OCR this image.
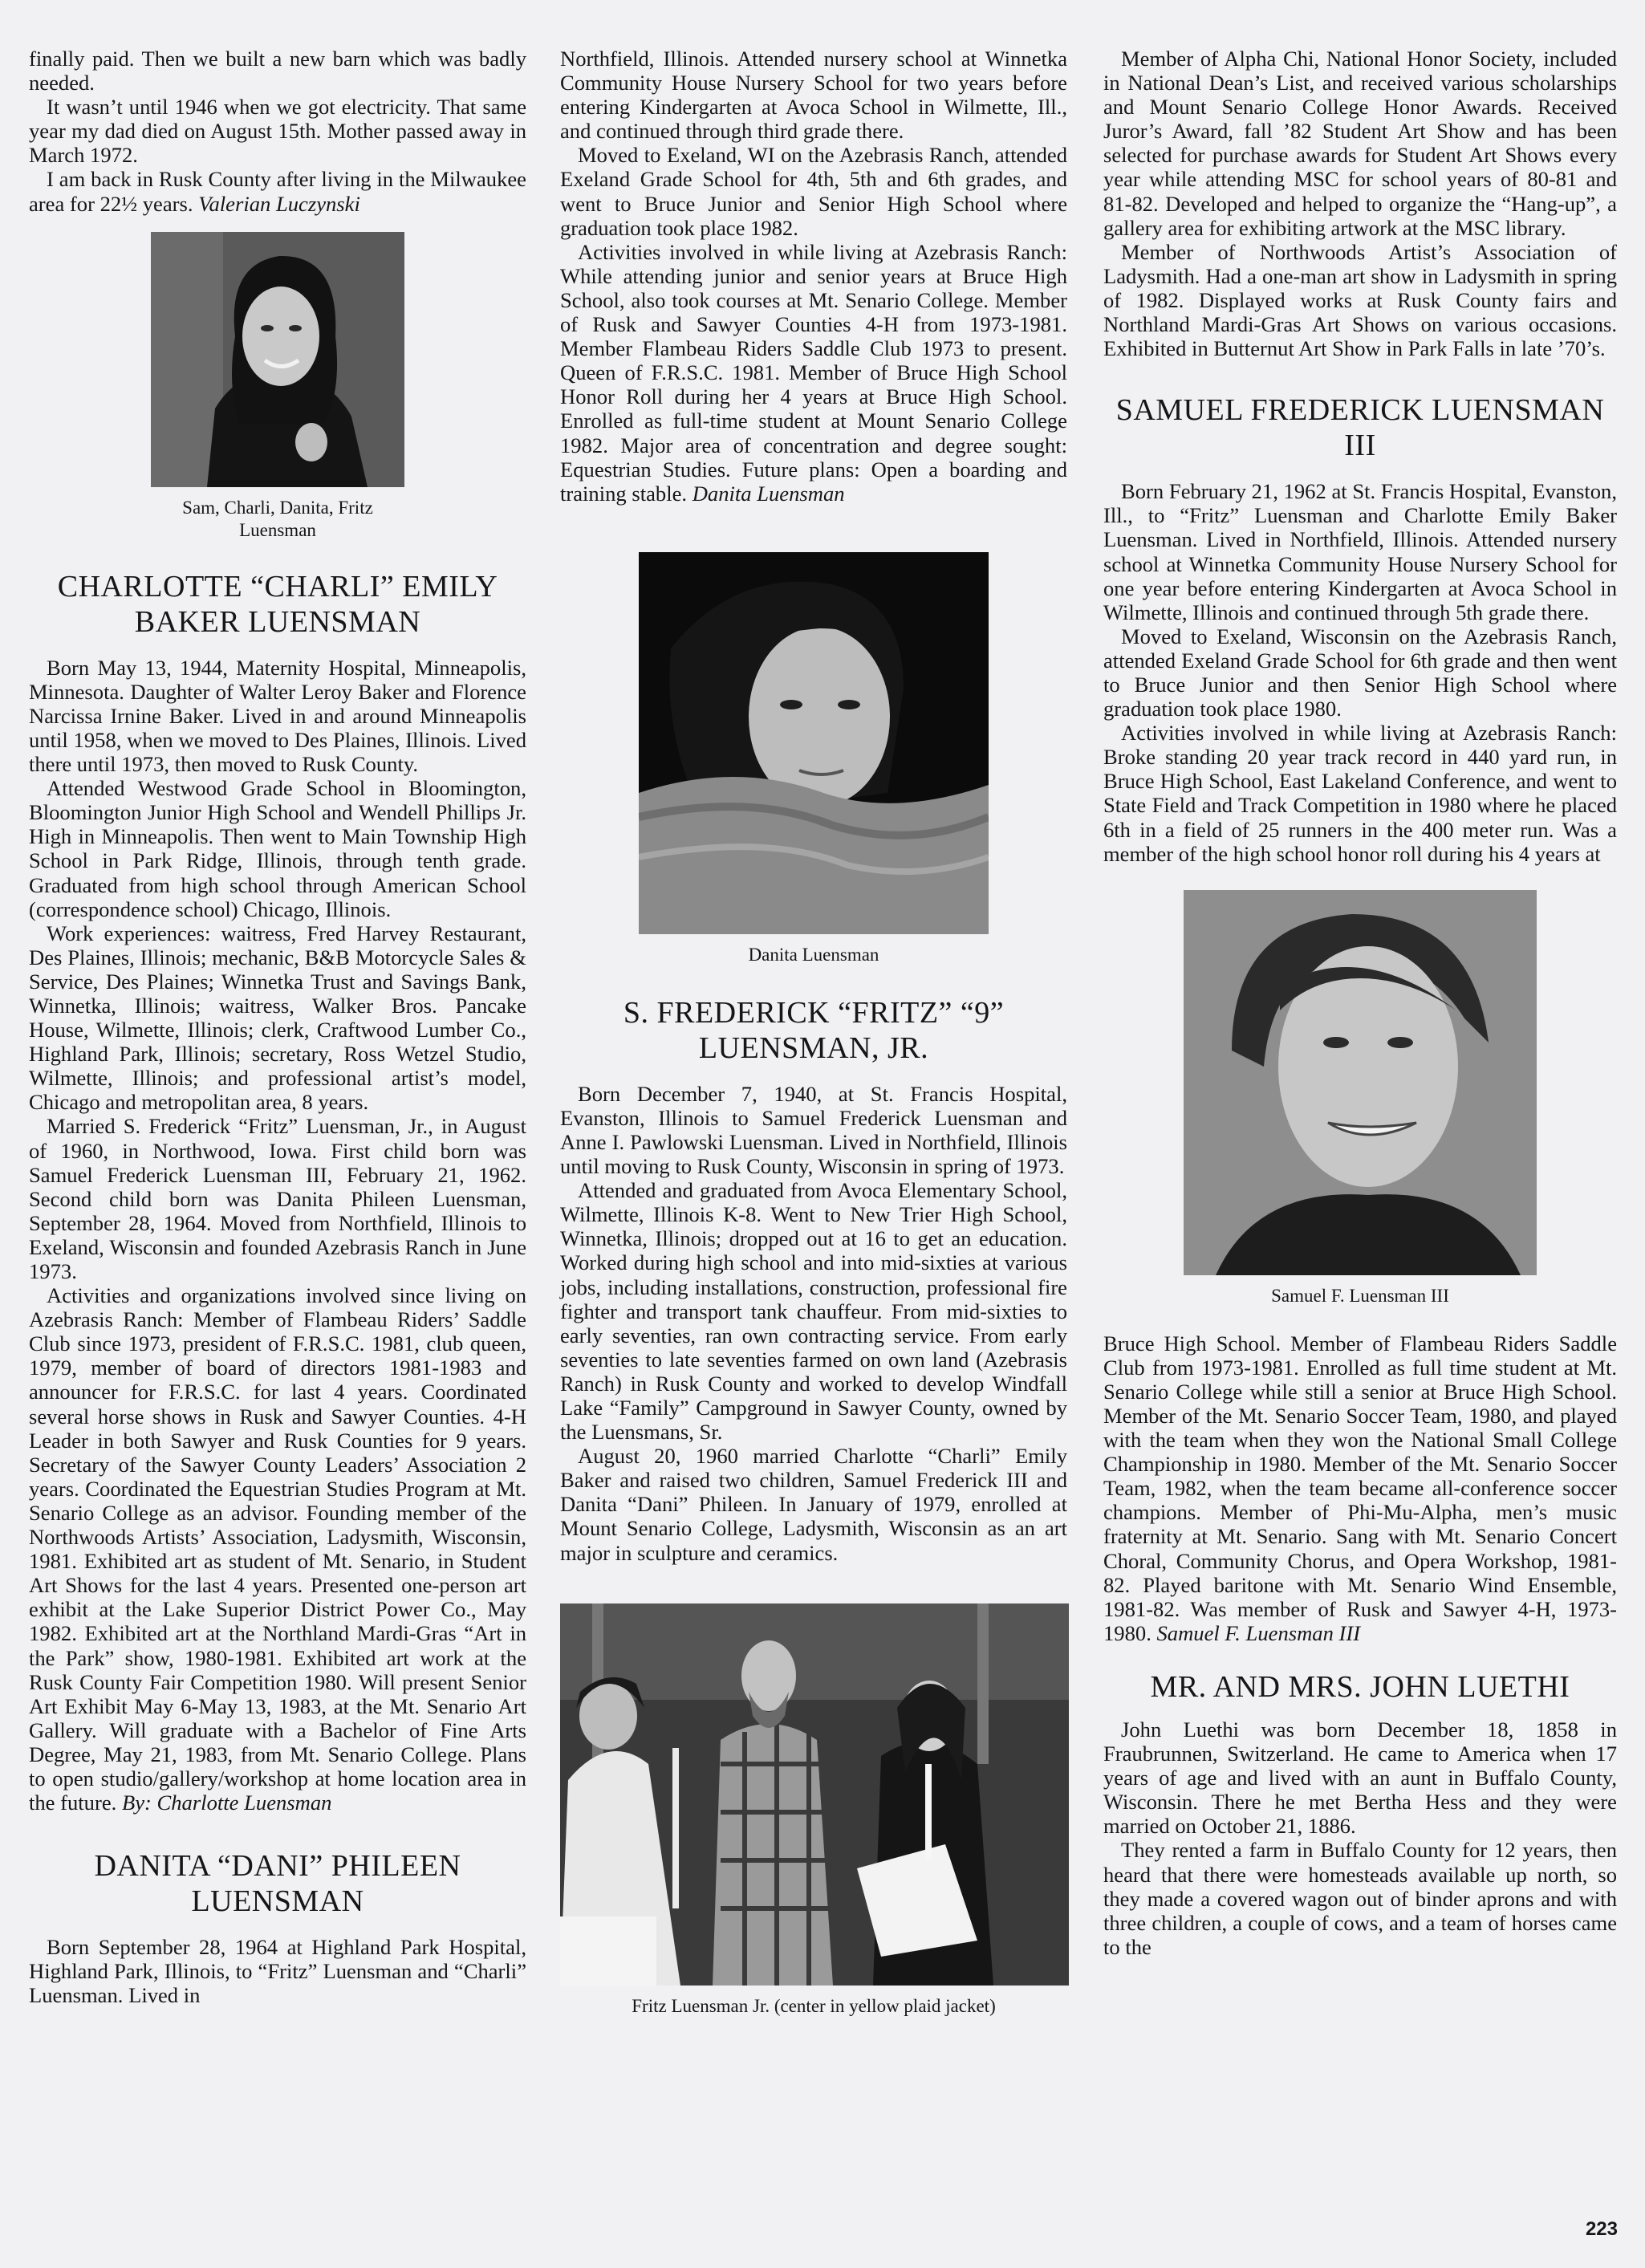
finally paid. Then we built a new barn which was badly needed.

It wasn’t until 1946 when we got electricity. That same year my dad died on August 15th. Mother passed away in March 1972.

I am back in Rusk County after living in the Milwaukee area for 22½ years. Valerian Luczynski

Sam, Charli, Danita, Fritz Luensman
CHARLOTTE “CHARLI” EMILY BAKER LUENSMAN

Born May 13, 1944, Maternity Hospital, Minneapolis, Minnesota. Daughter of Walter Leroy Baker and Florence Narcissa Irnine Baker. Lived in and around Minneapolis until 1958, when we moved to Des Plaines, Illinois. Lived there until 1973, then moved to Rusk County.

Attended Westwood Grade School in Bloomington, Bloomington Junior High School and Wendell Phillips Jr. High in Minneapolis. Then went to Main Township High School in Park Ridge, Illinois, through tenth grade. Graduated from high school through American School (correspondence school) Chicago, Illinois.

Work experiences: waitress, Fred Harvey Restaurant, Des Plaines, Illinois; mechanic, B&B Motorcycle Sales & Service, Des Plaines; Winnetka Trust and Savings Bank, Winnetka, Illinois; waitress, Walker Bros. Pancake House, Wilmette, Illinois; clerk, Craftwood Lumber Co., Highland Park, Illinois; secretary, Ross Wetzel Studio, Wilmette, Illinois; and professional artist’s model, Chicago and metropolitan area, 8 years.

Married S. Frederick “Fritz” Luensman, Jr., in August of 1960, in Northwood, Iowa. First child born was Samuel Frederick Luensman III, February 21, 1962. Second child born was Danita Phileen Luensman, September 28, 1964. Moved from Northfield, Illinois to Exeland, Wisconsin and founded Azebrasis Ranch in June 1973.

Activities and organizations involved since living on Azebrasis Ranch: Member of Flambeau Riders’ Saddle Club since 1973, president of F.R.S.C. 1981, club queen, 1979, member of board of directors 1981-1983 and announcer for F.R.S.C. for last 4 years. Coordinated several horse shows in Rusk and Sawyer Counties. 4-H Leader in both Sawyer and Rusk Counties for 9 years. Secretary of the Sawyer County Leaders’ Association 2 years. Coordinated the Equestrian Studies Program at Mt. Senario College as an advisor. Founding member of the Northwoods Artists’ Association, Ladysmith, Wisconsin, 1981. Exhibited art as student of Mt. Senario, in Student Art Shows for the last 4 years. Presented one-person art exhibit at the Lake Superior District Power Co., May 1982. Exhibited art at the Northland Mardi-Gras “Art in the Park” show, 1980-1981. Exhibited art work at the Rusk County Fair Competition 1980. Will present Senior Art Exhibit May 6-May 13, 1983, at the Mt. Senario Art Gallery. Will graduate with a Bachelor of Fine Arts Degree, May 21, 1983, from Mt. Senario College. Plans to open studio/gallery/workshop at home location area in the future. By: Charlotte Luensman

DANITA “DANI” PHILEEN LUENSMAN

Born September 28, 1964 at Highland Park Hospital, Highland Park, Illinois, to “Fritz” Luensman and “Charli” Luensman. Lived in

Northfield, Illinois. Attended nursery school at Winnetka Community House Nursery School for two years before entering Kindergarten at Avoca School in Wilmette, Ill., and continued through third grade there.

Moved to Exeland, WI on the Azebrasis Ranch, attended Exeland Grade School for 4th, 5th and 6th grades, and went to Bruce Junior and Senior High School where graduation took place 1982.

Activities involved in while living at Azebrasis Ranch: While attending junior and senior years at Bruce High School, also took courses at Mt. Senario College. Member of Rusk and Sawyer Counties 4-H from 1973-1981. Member Flambeau Riders Saddle Club 1973 to present. Queen of F.R.S.C. 1981. Member of Bruce High School Honor Roll during her 4 years at Bruce High School. Enrolled as full-time student at Mount Senario College 1982. Major area of concentration and degree sought: Equestrian Studies. Future plans: Open a boarding and training stable. Danita Luensman

Danita Luensman
S. FREDERICK “FRITZ” “9” LUENSMAN, JR.

Born December 7, 1940, at St. Francis Hospital, Evanston, Illinois to Samuel Frederick Luensman and Anne I. Pawlowski Luensman. Lived in Northfield, Illinois until moving to Rusk County, Wisconsin in spring of 1973.

Attended and graduated from Avoca Elementary School, Wilmette, Illinois K-8. Went to New Trier High School, Winnetka, Illinois; dropped out at 16 to get an education. Worked during high school and into mid-sixties at various jobs, including installations, construction, professional fire fighter and transport tank chauffeur. From mid-sixties to early seventies, ran own contracting service. From early seventies to late seventies farmed on own land (Azebrasis Ranch) in Rusk County and worked to develop Windfall Lake “Family” Campground in Sawyer County, owned by the Luensmans, Sr.

August 20, 1960 married Charlotte “Charli” Emily Baker and raised two children, Samuel Frederick III and Danita “Dani” Phileen. In January of 1979, enrolled at Mount Senario College, Ladysmith, Wisconsin as an art major in sculpture and ceramics.

Fritz Luensman Jr. (center in yellow plaid jacket)

Member of Alpha Chi, National Honor Society, included in National Dean’s List, and received various scholarships and Mount Senario College Honor Awards. Received Juror’s Award, fall ’82 Student Art Show and has been selected for purchase awards for Student Art Shows every year while attending MSC for school years of 80-81 and 81-82. Developed and helped to organize the “Hang-up”, a gallery area for exhibiting artwork at the MSC library.

Member of Northwoods Artist’s Association of Ladysmith. Had a one-man art show in Ladysmith in spring of 1982. Displayed works at Rusk County fairs and Northland Mardi-Gras Art Shows on various occasions. Exhibited in Butternut Art Show in Park Falls in late ’70’s.

SAMUEL FREDERICK LUENSMAN III

Born February 21, 1962 at St. Francis Hospital, Evanston, Ill., to “Fritz” Luensman and Charlotte Emily Baker Luensman. Lived in Northfield, Illinois. Attended nursery school at Winnetka Community House Nursery School for one year before entering Kindergarten at Avoca School in Wilmette, Illinois and continued through 5th grade there.

Moved to Exeland, Wisconsin on the Azebrasis Ranch, attended Exeland Grade School for 6th grade and then went to Bruce Junior and then Senior High School where graduation took place 1980.

Activities involved in while living at Azebrasis Ranch: Broke standing 20 year track record in 440 yard run, in Bruce High School, East Lakeland Conference, and went to State Field and Track Competition in 1980 where he placed 6th in a field of 25 runners in the 400 meter run. Was a member of the high school honor roll during his 4 years at

Samuel F. Luensman III

Bruce High School. Member of Flambeau Riders Saddle Club from 1973-1981. Enrolled as full time student at Mt. Senario College while still a senior at Bruce High School. Member of the Mt. Senario Soccer Team, 1980, and played with the team when they won the National Small College Championship in 1980. Member of the Mt. Senario Soccer Team, 1982, when the team became all-conference soccer champions. Member of Phi-Mu-Alpha, men’s music fraternity at Mt. Senario. Sang with Mt. Senario Concert Choral, Community Chorus, and Opera Workshop, 1981-82. Played baritone with Mt. Senario Wind Ensemble, 1981-82. Was member of Rusk and Sawyer 4-H, 1973-1980. Samuel F. Luensman III

MR. AND MRS. JOHN LUETHI

John Luethi was born December 18, 1858 in Fraubrunnen, Switzerland. He came to America when 17 years of age and lived with an aunt in Buffalo County, Wisconsin. There he met Bertha Hess and they were married on October 21, 1886.

They rented a farm in Buffalo County for 12 years, then heard that there were homesteads available up north, so they made a covered wagon out of binder aprons and with three children, a couple of cows, and a team of horses came to the

223
